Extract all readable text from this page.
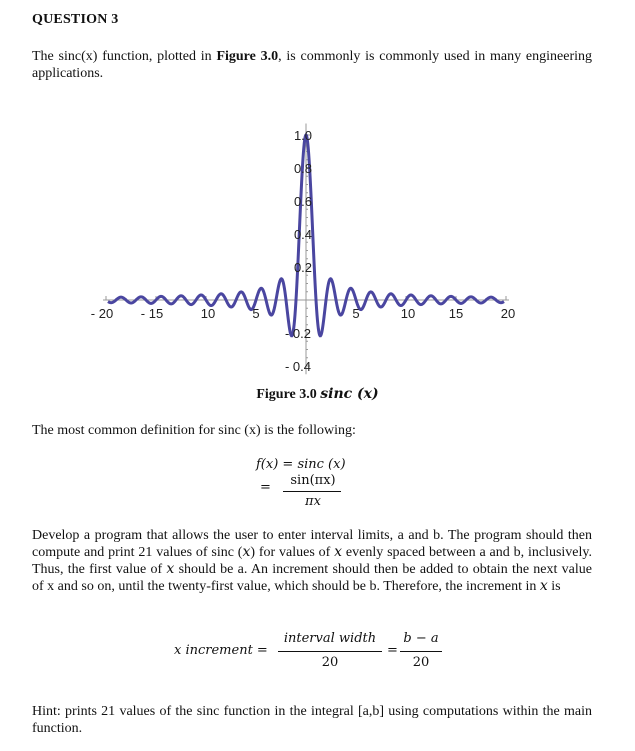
QUESTION 3
The sinc(x) function, plotted in Figure 3.0, is commonly is commonly used in many engineering applications.
- 20 - 15	10	5	5	10	15	20
1.0
0.8
0.6
0.4
0.2
- 0.2
- 0.4
Figure 3.0 sinc (x)
The most common definition for sinc (x) is the following:
f(x) = sinc (x)
=	sin(πx)
πx
Develop a program that allows the user to enter interval limits, a and b. The program should then compute and print 21 values of sinc (x) for values of x evenly spaced between a and b, inclusively. Thus, the first value of x should be a. An increment should then be added to obtain the next value of x and so on, until the twenty-first value, which should be b. Therefore, the increment in x is
x increment =
interval width
20
=
b − a
20
Hint: prints 21 values of the sinc function in the integral [a,b] using computations within the main function.
